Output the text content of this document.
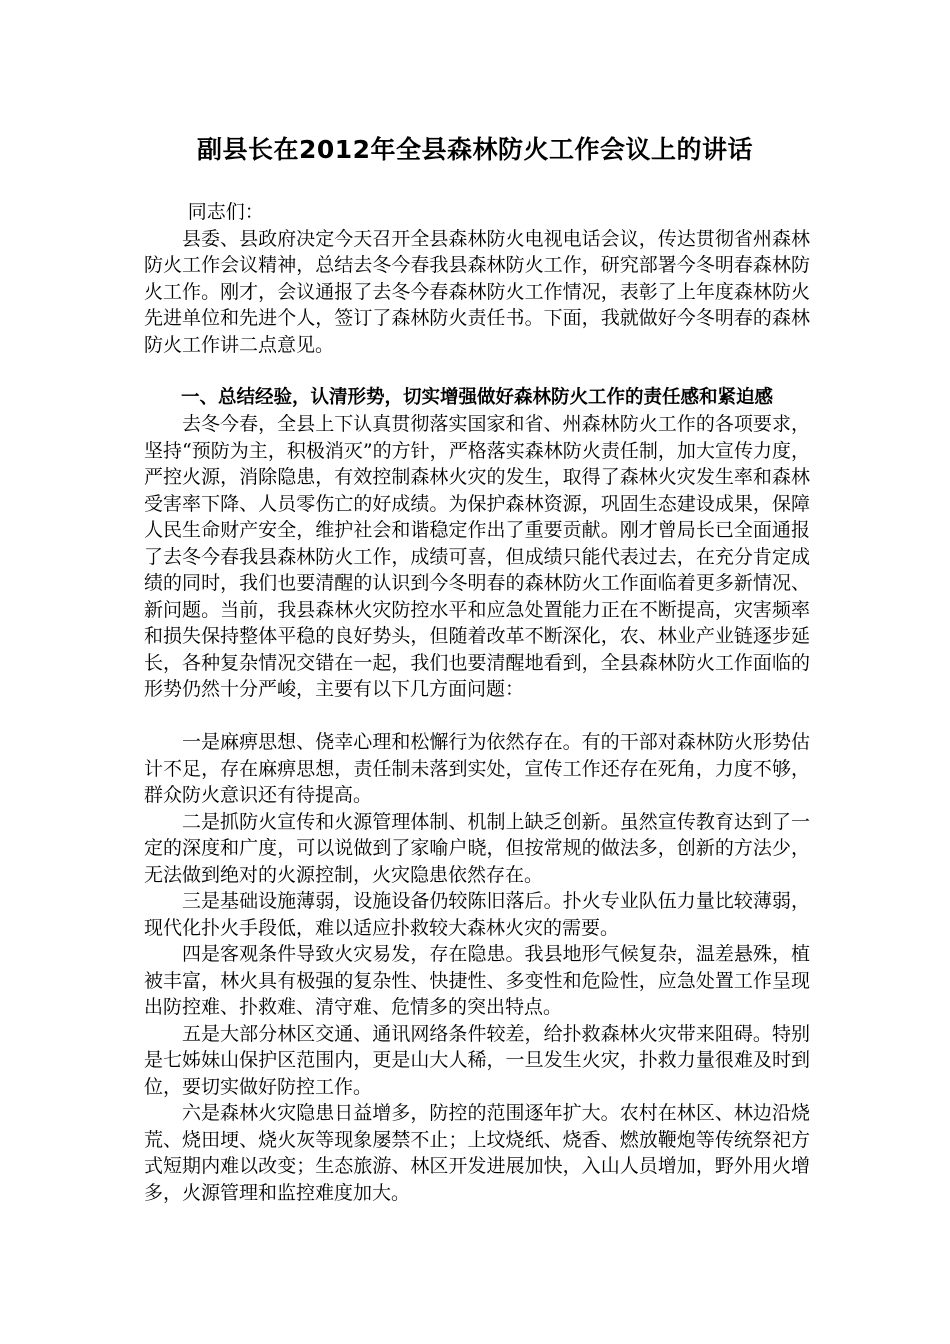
副县长在2012年全县森林防火工作会议上的讲话

同志们：

县委、县政府决定今天召开全县森林防火电视电话会议，传达贯彻省州森林防火工作会议精神，总结去冬今春我县森林防火工作，研究部署今冬明春森林防火工作。刚才，会议通报了去冬今春森林防火工作情况，表彰了上年度森林防火先进单位和先进个人，签订了森林防火责任书。下面，我就做好今冬明春的森林防火工作讲二点意见。

一、总结经验，认清形势，切实增强做好森林防火工作的责任感和紧迫感

去冬今春，全县上下认真贯彻落实国家和省、州森林防火工作的各项要求，坚持“预防为主，积极消灭”的方针，严格落实森林防火责任制，加大宣传力度，严控火源，消除隐患，有效控制森林火灾的发生，取得了森林火灾发生率和森林受害率下降、人员零伤亡的好成绩。为保护森林资源，巩固生态建设成果，保障人民生命财产安全，维护社会和谐稳定作出了重要贡献。刚才曾局长已全面通报了去冬今春我县森林防火工作，成绩可喜，但成绩只能代表过去，在充分肯定成绩的同时，我们也要清醒的认识到今冬明春的森林防火工作面临着更多新情况、新问题。当前，我县森林火灾防控水平和应急处置能力正在不断提高，灾害频率和损失保持整体平稳的良好势头，但随着改革不断深化，农、林业产业链逐步延长，各种复杂情况交错在一起，我们也要清醒地看到，全县森林防火工作面临的形势仍然十分严峻，主要有以下几方面问题：

一是麻痹思想、侥幸心理和松懈行为依然存在。有的干部对森林防火形势估计不足，存在麻痹思想，责任制未落到实处，宣传工作还存在死角，力度不够，群众防火意识还有待提高。

二是抓防火宣传和火源管理体制、机制上缺乏创新。虽然宣传教育达到了一定的深度和广度，可以说做到了家喻户晓，但按常规的做法多，创新的方法少，无法做到绝对的火源控制，火灾隐患依然存在。

三是基础设施薄弱，设施设备仍较陈旧落后。扑火专业队伍力量比较薄弱，现代化扑火手段低，难以适应扑救较大森林火灾的需要。

四是客观条件导致火灾易发，存在隐患。我县地形气候复杂，温差悬殊，植被丰富，林火具有极强的复杂性、快捷性、多变性和危险性，应急处置工作呈现出防控难、扑救难、清守难、危情多的突出特点。

五是大部分林区交通、通讯网络条件较差，给扑救森林火灾带来阻碍。特别是七姊妹山保护区范围内，更是山大人稀，一旦发生火灾，扑救力量很难及时到位，要切实做好防控工作。

六是森林火灾隐患日益增多，防控的范围逐年扩大。农村在林区、林边沿烧荒、烧田埂、烧火灰等现象屡禁不止；上坟烧纸、烧香、燃放鞭炮等传统祭祀方式短期内难以改变；生态旅游、林区开发进展加快，入山人员增加，野外用火增多，火源管理和监控难度加大。
